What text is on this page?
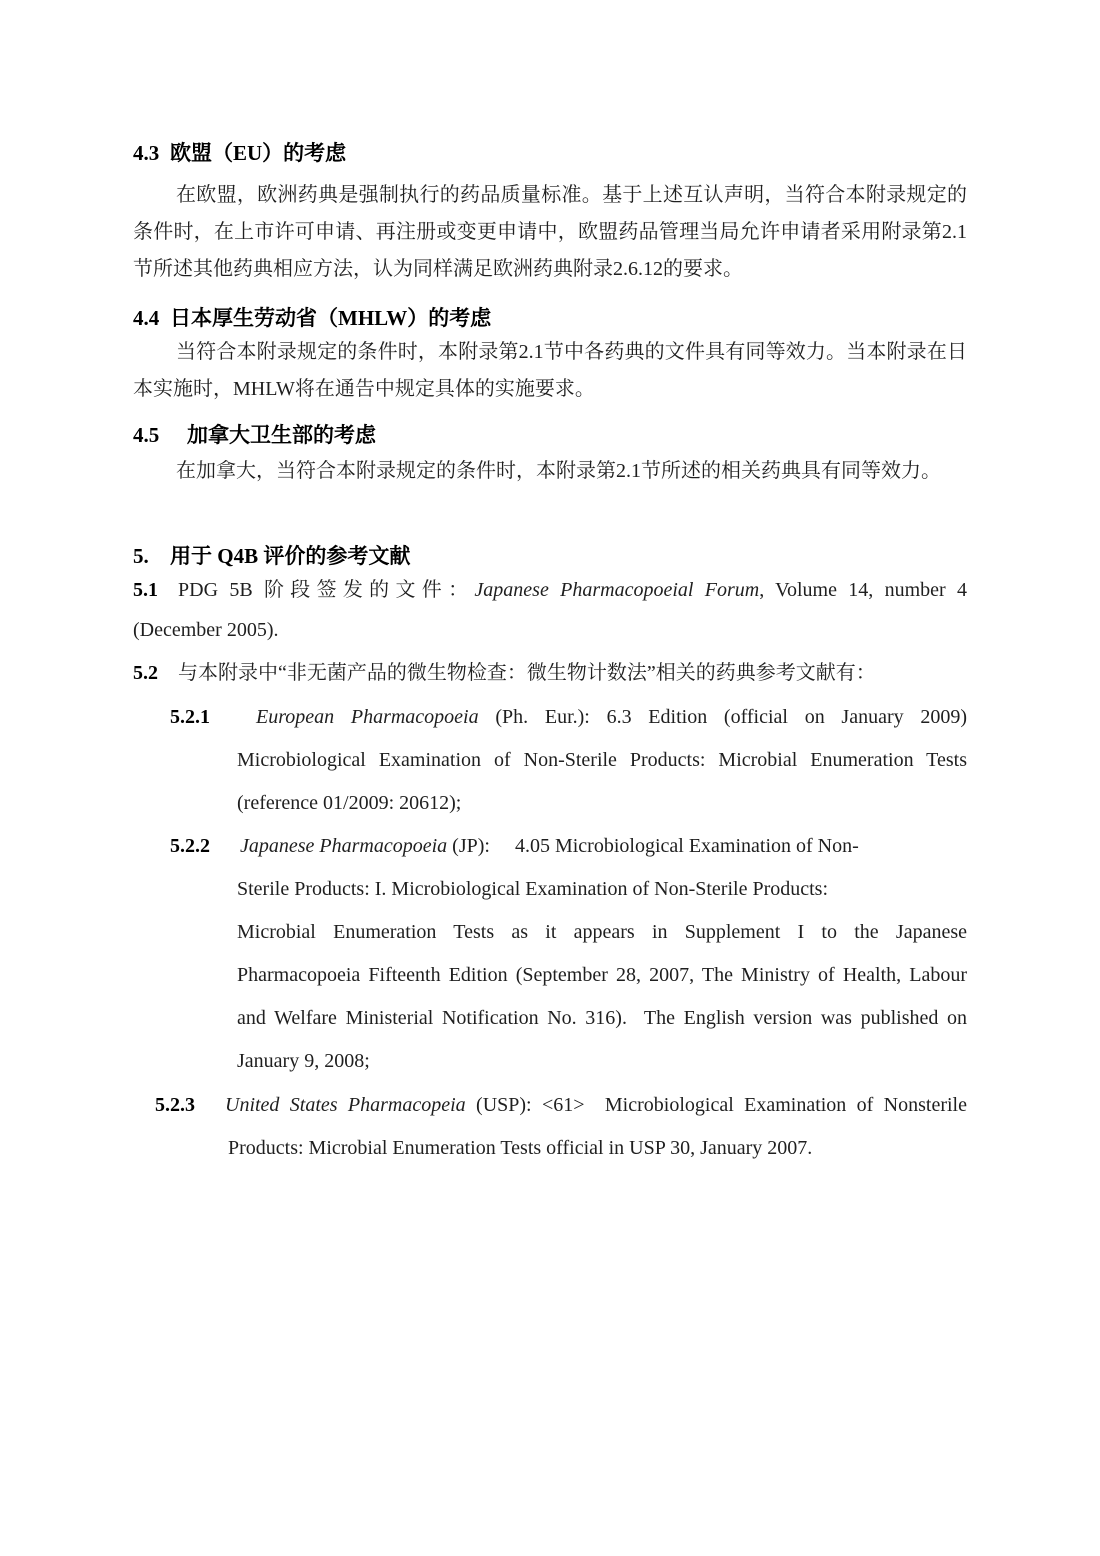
4.3 欧盟（EU）的考虑
在欧盟，欧洲药典是强制执行的药品质量标准。基于上述互认声明，当符合本附录规定的
条件时，在上市许可申请、再注册或变更申请中，欧盟药品管理当局允许申请者采用附录第2.1
节所述其他药典相应方法，认为同样满足欧洲药典附录2.6.12的要求。
4.4 日本厚生劳动省（MHLW）的考虑
当符合本附录规定的条件时，本附录第2.1节中各药典的文件具有同等效力。当本附录在日
本实施时，MHLW将在通告中规定具体的实施要求。
4.5 加拿大卫生部的考虑
在加拿大，当符合本附录规定的条件时，本附录第2.1节所述的相关药典具有同等效力。
5. 用于 Q4B 评价的参考文献
5.1 PDG 5B 阶段签发的文件：Japanese Pharmacopoeial Forum, Volume 14, number 4
(December 2005).
5.2 与本附录中“非无菌产品的微生物检查：微生物计数法”相关的药典参考文献有：
5.2.1	European Pharmacopoeia (Ph. Eur.): 6.3 Edition (official on January 2009)
Microbiological Examination of Non-Sterile Products: Microbial Enumeration Tests
(reference 01/2009: 20612);
5.2.2 Japanese Pharmacopoeia (JP):  4.05 Microbiological Examination of Non-
Sterile Products: I. Microbiological Examination of Non-Sterile Products:
Microbial Enumeration Tests as it appears in Supplement I to the Japanese
Pharmacopoeia Fifteenth Edition (September 28, 2007, The Ministry of Health, Labour
and Welfare Ministerial Notification No. 316).  The English version was published on
January 9, 2008;
5.2.3 United States Pharmacopeia (USP): <61>  Microbiological Examination of Nonsterile
Products: Microbial Enumeration Tests official in USP 30, January 2007.
